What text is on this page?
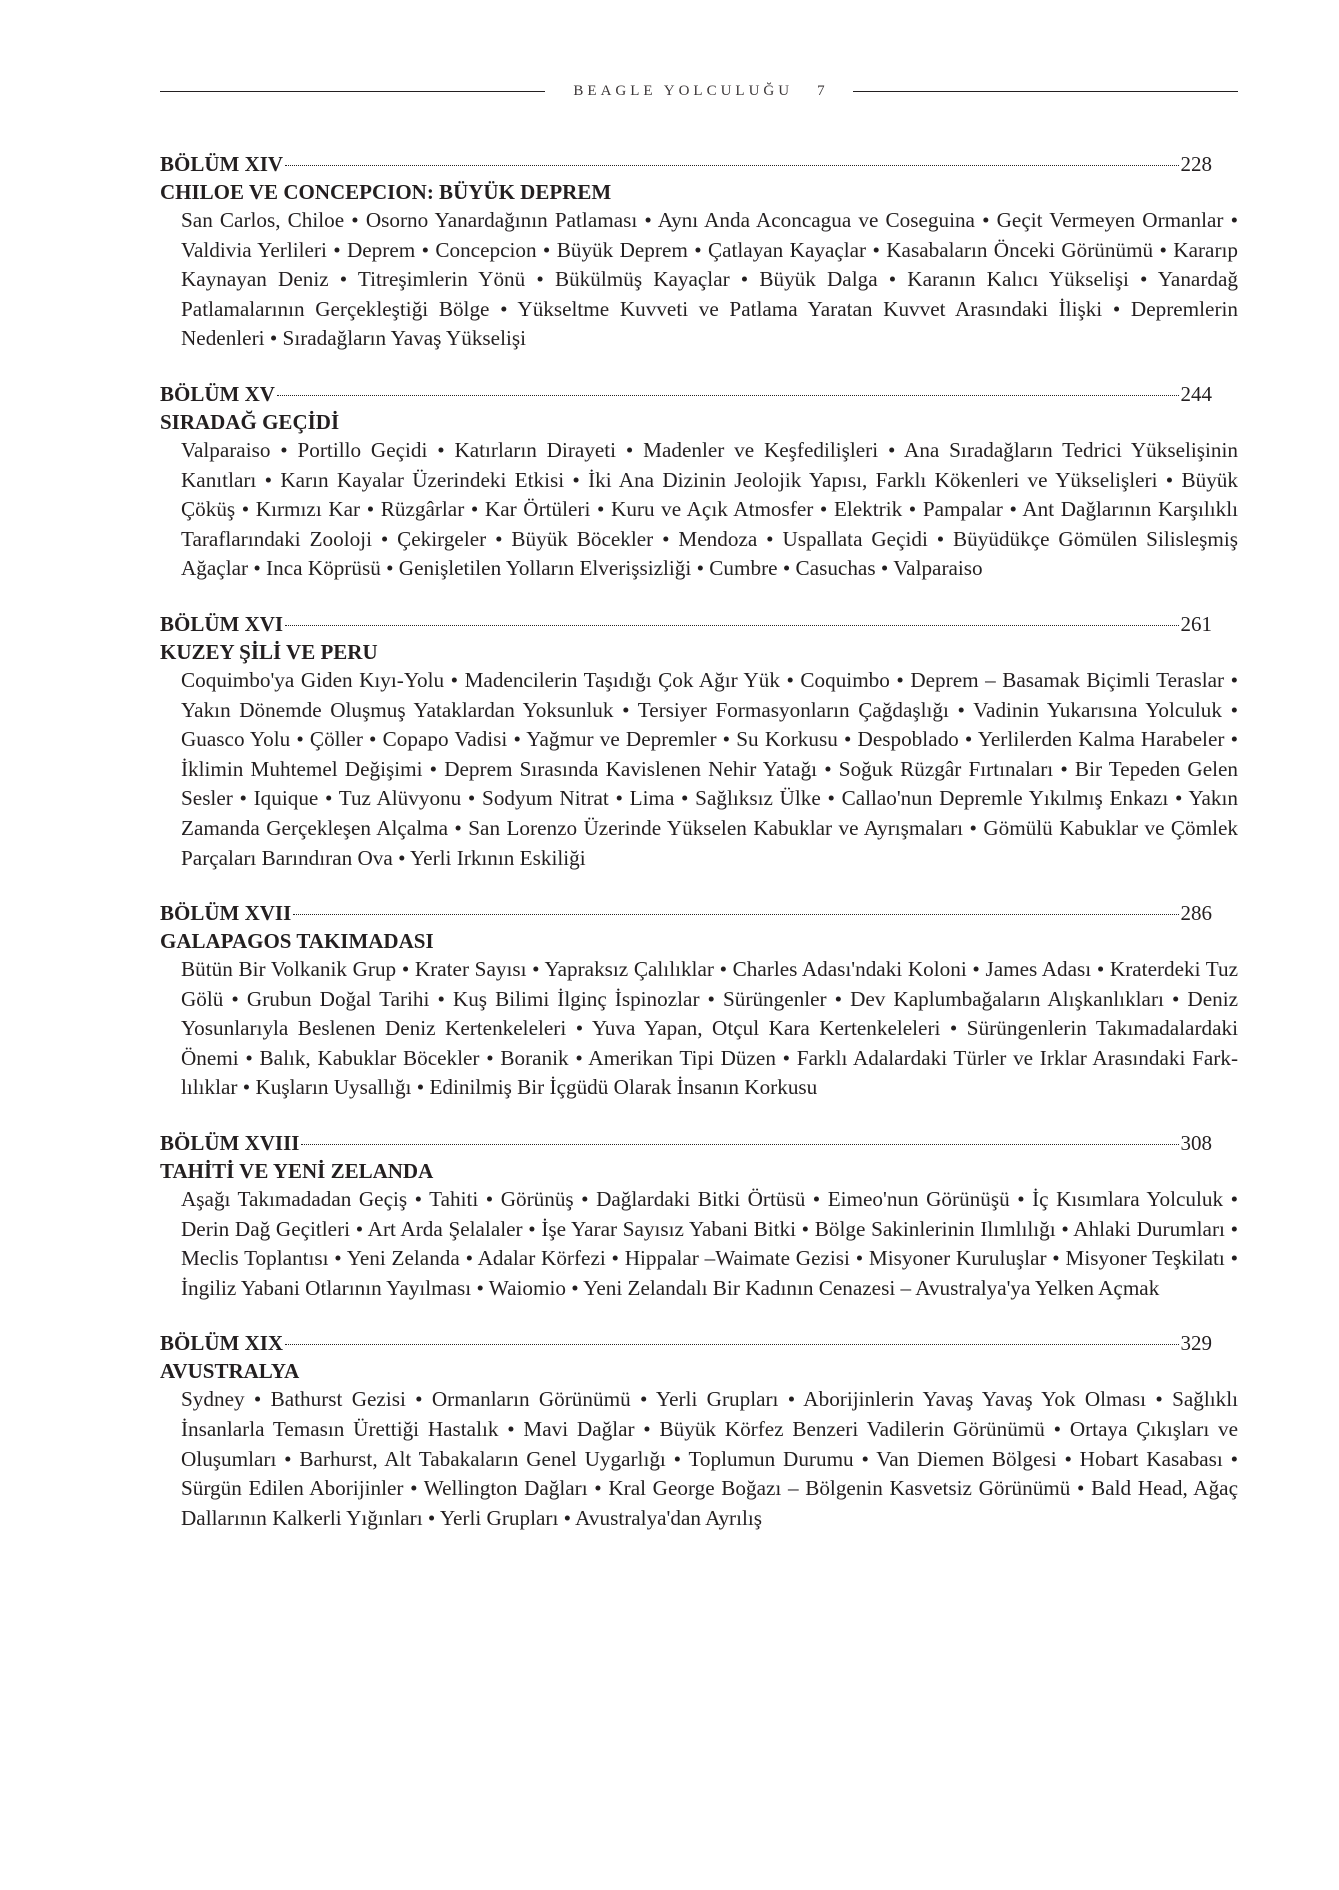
BEAGLE YOLCULUĞU 7
BÖLÜM XIV	228
CHILOE VE CONCEPCION: BÜYÜK DEPREM
San Carlos, Chiloe • Osorno Yanardağının Patlaması • Aynı Anda Aconcagua ve Coseguina • Geçit Vermeyen Ormanlar • Valdivia Yerlileri • Deprem • Concepcion • Büyük Deprem • Çatlayan Kayaçlar • Kasabaların Önceki Görünümü • Kararıp Kaynayan Deniz • Titreşimlerin Yönü • Bükülmüş Kayaçlar • Büyük Dalga • Karanın Kalıcı Yükselişi • Yanardağ Patlamalarının Gerçekleştiği Bölge • Yükseltme Kuvveti ve Patlama Yaratan Kuvvet Arasındaki İlişki • Depremlerin Nedenleri • Sıradağların Yavaş Yükselişi
BÖLÜM XV	244
SIRADAĞ GEÇİDİ
Valparaiso • Portillo Geçidi • Katırların Dirayeti • Madenler ve Keşfedilişleri • Ana Sıradağların Tedrici Yükselişinin Kanıtları • Karın Kayalar Üzerindeki Etkisi • İki Ana Dizinin Jeolojik Yapısı, Farklı Kökenleri ve Yükselişleri • Büyük Çöküş • Kırmızı Kar • Rüzgârlar • Kar Örtüleri • Kuru ve Açık Atmosfer • Elektrik • Pampalar • Ant Dağlarının Karşılıklı Taraflarındaki Zooloji • Çekirgeler • Büyük Böcekler • Mendoza • Uspallata Geçidi • Büyüdükçe Gömülen Silisleşmiş Ağaçlar • Inca Köprüsü • Genişletilen Yolların Elverişsizliği • Cumbre • Casuchas • Valparaiso
BÖLÜM XVI	261
KUZEY ŞİLİ VE PERU
Coquimbo'ya Giden Kıyı-Yolu • Madencilerin Taşıdığı Çok Ağır Yük • Coquimbo • Deprem – Basamak Biçimli Teraslar • Yakın Dönemde Oluşmuş Yataklardan Yoksunluk • Tersiyer Formasyonların Çağdaşlığı • Vadinin Yukarısına Yolculuk • Guasco Yolu • Çöller • Copapo Vadisi • Yağmur ve Depremler • Su Korkusu • Despoblado • Yerlilerden Kalma Harabeler • İklimin Muhtemel Değişimi • Deprem Sırasında Kavislenen Nehir Yatağı • Soğuk Rüzgâr Fırtınaları • Bir Tepeden Gelen Sesler • Iquique • Tuz Alüvyonu • Sodyum Nitrat • Lima • Sağlıksız Ülke • Callao'nun Depremle Yıkılmış Enkazı • Yakın Zamanda Gerçekleşen Alçalma • San Lorenzo Üzerinde Yükselen Kabuklar ve Ayrışmaları • Gömülü Kabuklar ve Çömlek Parçaları Barındıran Ova • Yerli Irkının Eskiliği
BÖLÜM XVII	286
GALAPAGOS TAKIMADASI
Bütün Bir Volkanik Grup • Krater Sayısı • Yapraksız Çalılıklar • Charles Adası'ndaki Koloni • James Adası • Kraterdeki Tuz Gölü • Grubun Doğal Tarihi • Kuş Bilimi İlginç İspinozlar • Sürüngenler • Dev Kaplumbağaların Alışkanlıkları • Deniz Yosunlarıyla Beslenen Deniz Kertenkeleleri • Yuva Yapan, Otçul Kara Kertenkeleleri • Sürüngenlerin Takımadalardaki Önemi • Balık, Kabuklar Böcekler • Boranik • Amerikan Tipi Düzen • Farklı Adalardaki Türler ve Irklar Arasındaki Farklılıklar • Kuşların Uysallığı • Edinilmiş Bir İçgüdü Olarak İnsanın Korkusu
BÖLÜM XVIII	308
TAHİTİ VE YENİ ZELANDA
Aşağı Takımadadan Geçiş • Tahiti • Görünüş • Dağlardaki Bitki Örtüsü • Eimeo'nun Görünüşü • İç Kısımlara Yolculuk • Derin Dağ Geçitleri • Art Arda Şelalaler • İşe Yarar Sayısız Yabani Bitki • Bölge Sakinlerinin Ilımlılığı • Ahlaki Durumları • Meclis Toplantısı • Yeni Zelanda • Adalar Körfezi • Hippalar –Waimate Gezisi • Misyoner Kuruluşlar • Misyoner Teşkilatı • İngiliz Yabani Otlarının Yayılması • Waiomio • Yeni Zelandalı Bir Kadının Cenazesi – Avustralya'ya Yelken Açmak
BÖLÜM XIX	329
AVUSTRALYA
Sydney • Bathurst Gezisi • Ormanların Görünümü • Yerli Grupları • Aborijinlerin Yavaş Yavaş Yok Olması • Sağlıklı İnsanlarla Temasın Ürettiği Hastalık • Mavi Dağlar • Büyük Körfez Benzeri Vadilerin Görünümü • Ortaya Çıkışları ve Oluşumları • Barhurst, Alt Tabakaların Genel Uygarlığı • Toplumun Durumu • Van Diemen Bölgesi • Hobart Kasabası • Sürgün Edilen Aborijinler • Wellington Dağları • Kral George Boğazı – Bölgenin Kasvetsiz Görünümü • Bald Head, Ağaç Dallarının Kalkerli Yığınları • Yerli Grupları • Avustralya'dan Ayrılış
